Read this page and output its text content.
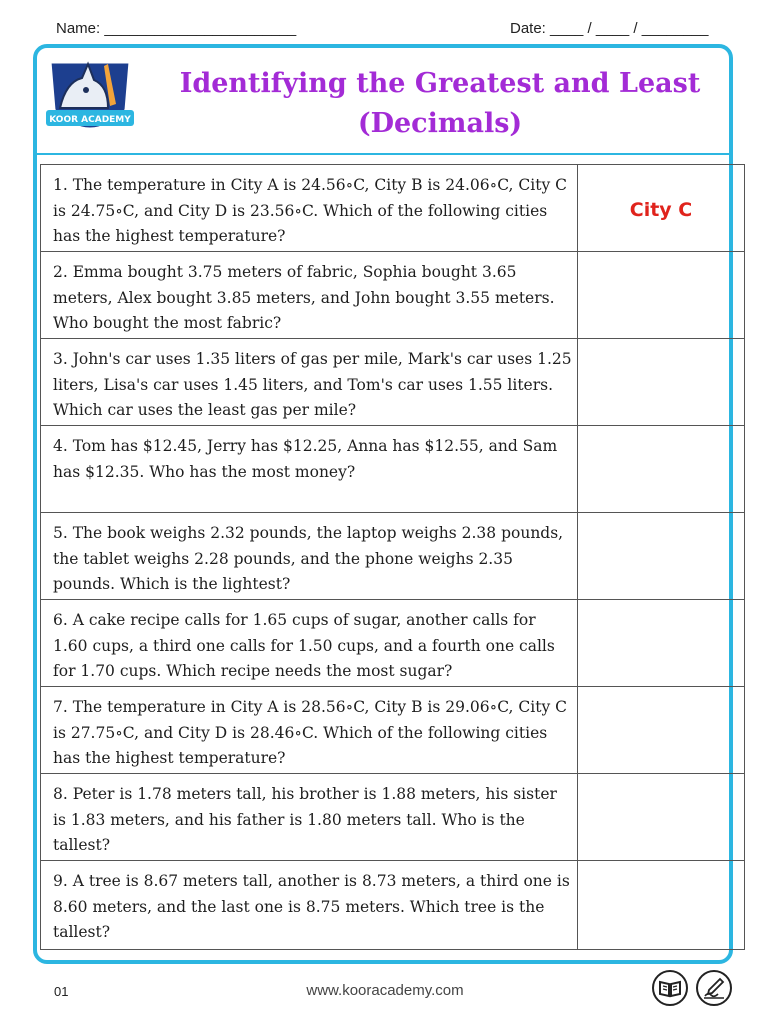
Name: _______________________	Date: ____ / ____ / ________
KOOR ACADEMY
Identifying the Greatest and Least
(Decimals)
1. The temperature in City A is 24.56∘C, City B is 24.06∘C, City C is 24.75∘C, and City D is 23.56∘C. Which of the following cities has the highest temperature?	City C

2. Emma bought 3.75 meters of fabric, Sophia bought 3.65 meters, Alex bought 3.85 meters, and John bought 3.55 meters. Who bought the most fabric?	

3. John's car uses 1.35 liters of gas per mile, Mark's car uses 1.25 liters, Lisa's car uses 1.45 liters, and Tom's car uses 1.55 liters. Which car uses the least gas per mile?	

4. Tom has $12.45, Jerry has $12.25, Anna has $12.55, and Sam has $12.35. Who has the most money?	

5. The book weighs 2.32 pounds, the laptop weighs 2.38 pounds, the tablet weighs 2.28 pounds, and the phone weighs 2.35 pounds. Which is the lightest?	

6. A cake recipe calls for 1.65 cups of sugar, another calls for 1.60 cups, a third one calls for 1.50 cups, and a fourth one calls for 1.70 cups. Which recipe needs the most sugar?	

7. The temperature in City A is 28.56∘C, City B is 29.06∘C, City C is 27.75∘C, and City D is 28.46∘C. Which of the following cities has the highest temperature?	

8. Peter is 1.78 meters tall, his brother is 1.88 meters, his sister is 1.83 meters, and his father is 1.80 meters tall. Who is the tallest?	

9. A tree is 8.67 meters tall, another is 8.73 meters, a third one is 8.60 meters, and the last one is 8.75 meters. Which tree is the tallest?	
01	www.kooracademy.com
